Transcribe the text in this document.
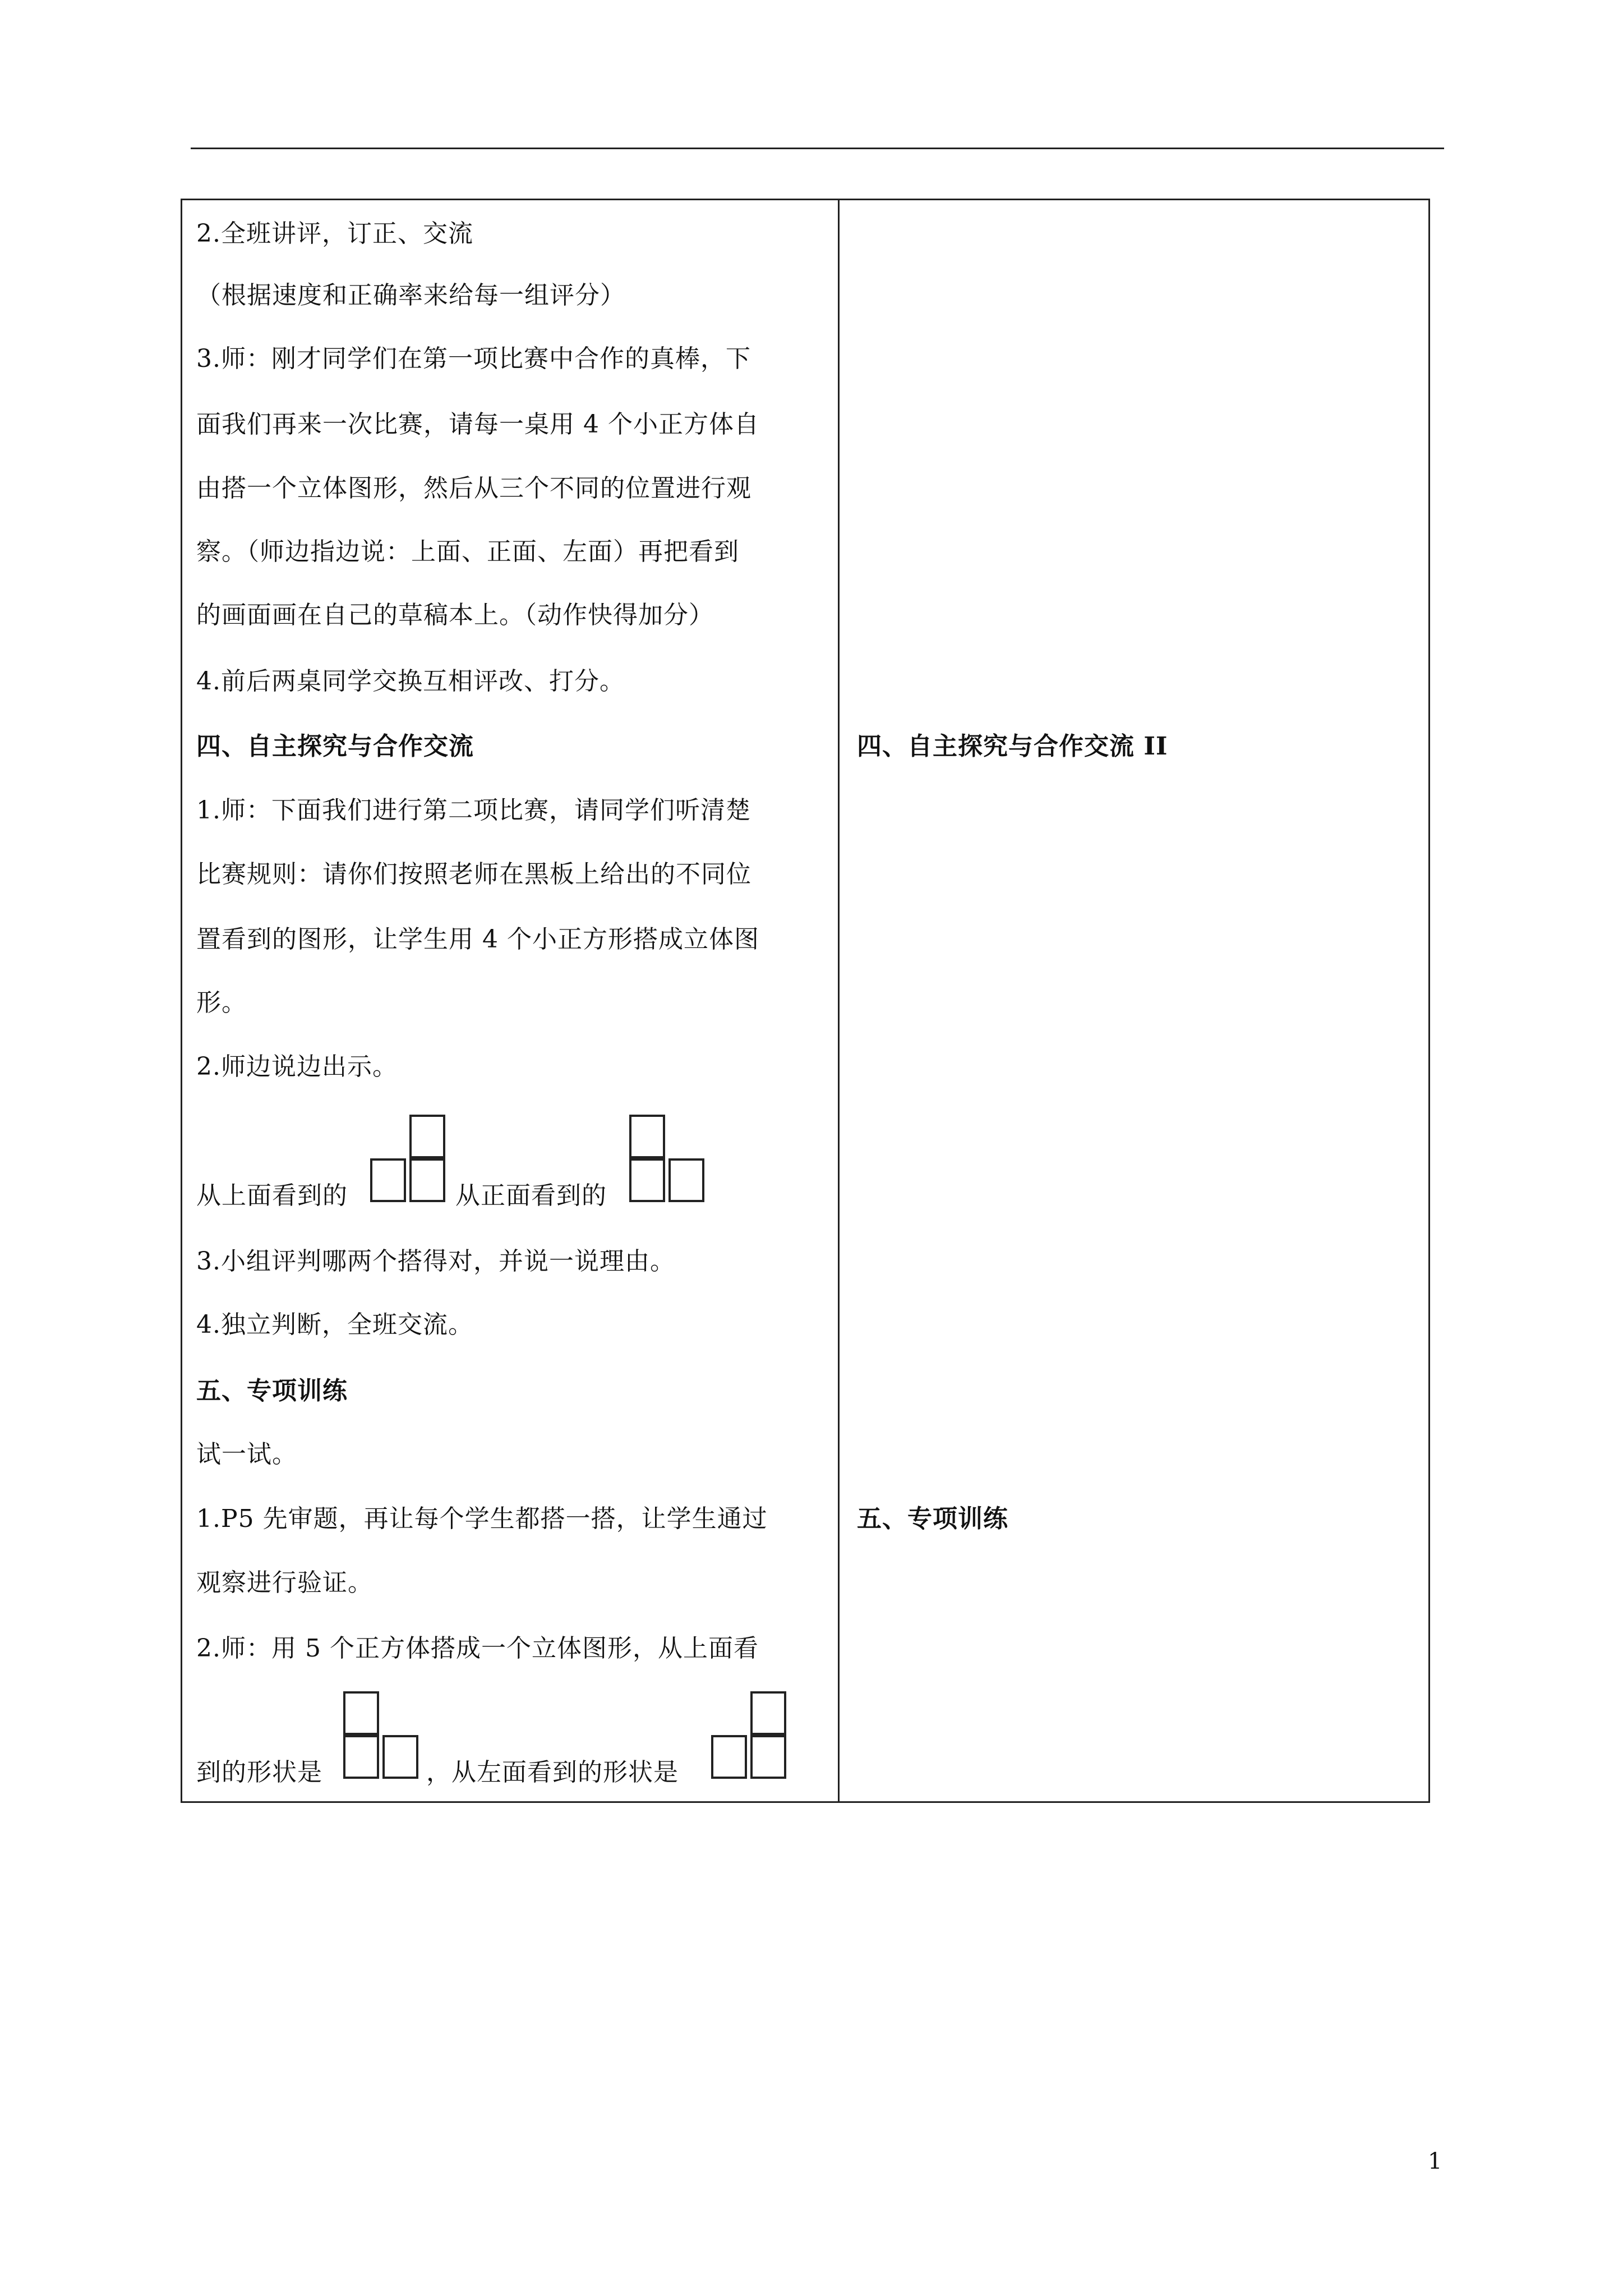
2.全班讲评，订正、交流
（根据速度和正确率来给每一组评分）
3.师：刚才同学们在第一项比赛中合作的真棒，下
面我们再来一次比赛，请每一桌用 4 个小正方体自
由搭一个立体图形，然后从三个不同的位置进行观
察。（师边指边说：上面、正面、左面）再把看到
的画面画在自己的草稿本上。（动作快得加分）
4.前后两桌同学交换互相评改、打分。
四、自主探究与合作交流
1.师：下面我们进行第二项比赛，请同学们听清楚
比赛规则：请你们按照老师在黑板上给出的不同位
置看到的图形，让学生用 4 个小正方形搭成立体图
形。
2.师边说边出示。
从上面看到的	从正面看到的
3.小组评判哪两个搭得对，并说一说理由。
4.独立判断，全班交流。
五、专项训练
试一试。
1.P5 先审题，再让每个学生都搭一搭，让学生通过
观察进行验证。
2.师：用 5 个正方体搭成一个立体图形，从上面看
到的形状是	，从左面看到的形状是
四、自主探究与合作交流 II
五、专项训练
1
